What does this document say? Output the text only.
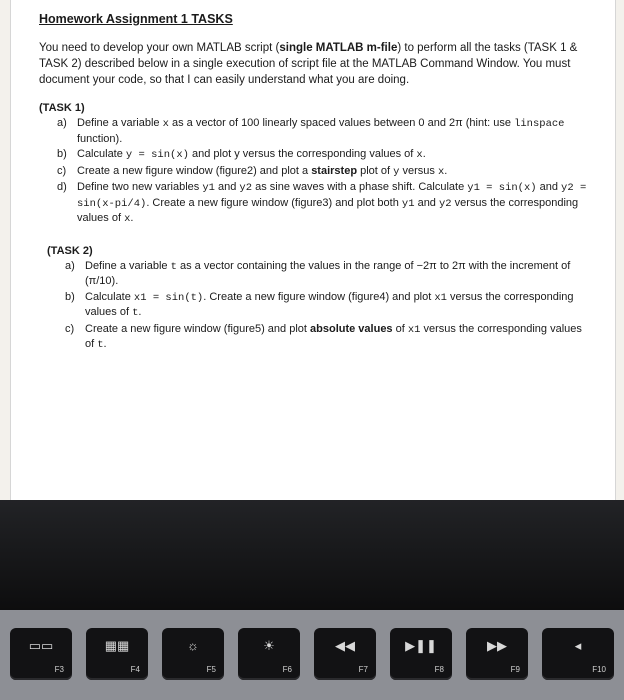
Homework Assignment 1 TASKS

You need to develop your own MATLAB script (single MATLAB m-file) to perform all the tasks (TASK 1 & TASK 2) described below in a single execution of script file at the MATLAB Command Window. You must document your code, so that I can easily understand what you are doing.

(TASK 1)

a) Define a variable x as a vector of 100 linearly spaced values between 0 and 2π (hint: use linspace function).
b) Calculate y = sin(x) and plot y versus the corresponding values of x.
c) Create a new figure window (figure2) and plot a stairstep plot of y versus x.
d) Define two new variables y1 and y2 as sine waves with a phase shift. Calculate y1 = sin(x) and y2 = sin(x-pi/4). Create a new figure window (figure3) and plot both y1 and y2 versus the corresponding values of x.

(TASK 2)

a) Define a variable t as a vector containing the values in the range of −2π to 2π with the increment of (π/10).
b) Calculate x1 = sin(t). Create a new figure window (figure4) and plot x1 versus the corresponding values of t.
c) Create a new figure window (figure5) and plot absolute values of x1 versus the corresponding values of t.
▭▭
F3
▦▦
F4
☼
F5
☀
F6
◀◀
F7
▶❚❚
F8
▶▶
F9
◂
F10
